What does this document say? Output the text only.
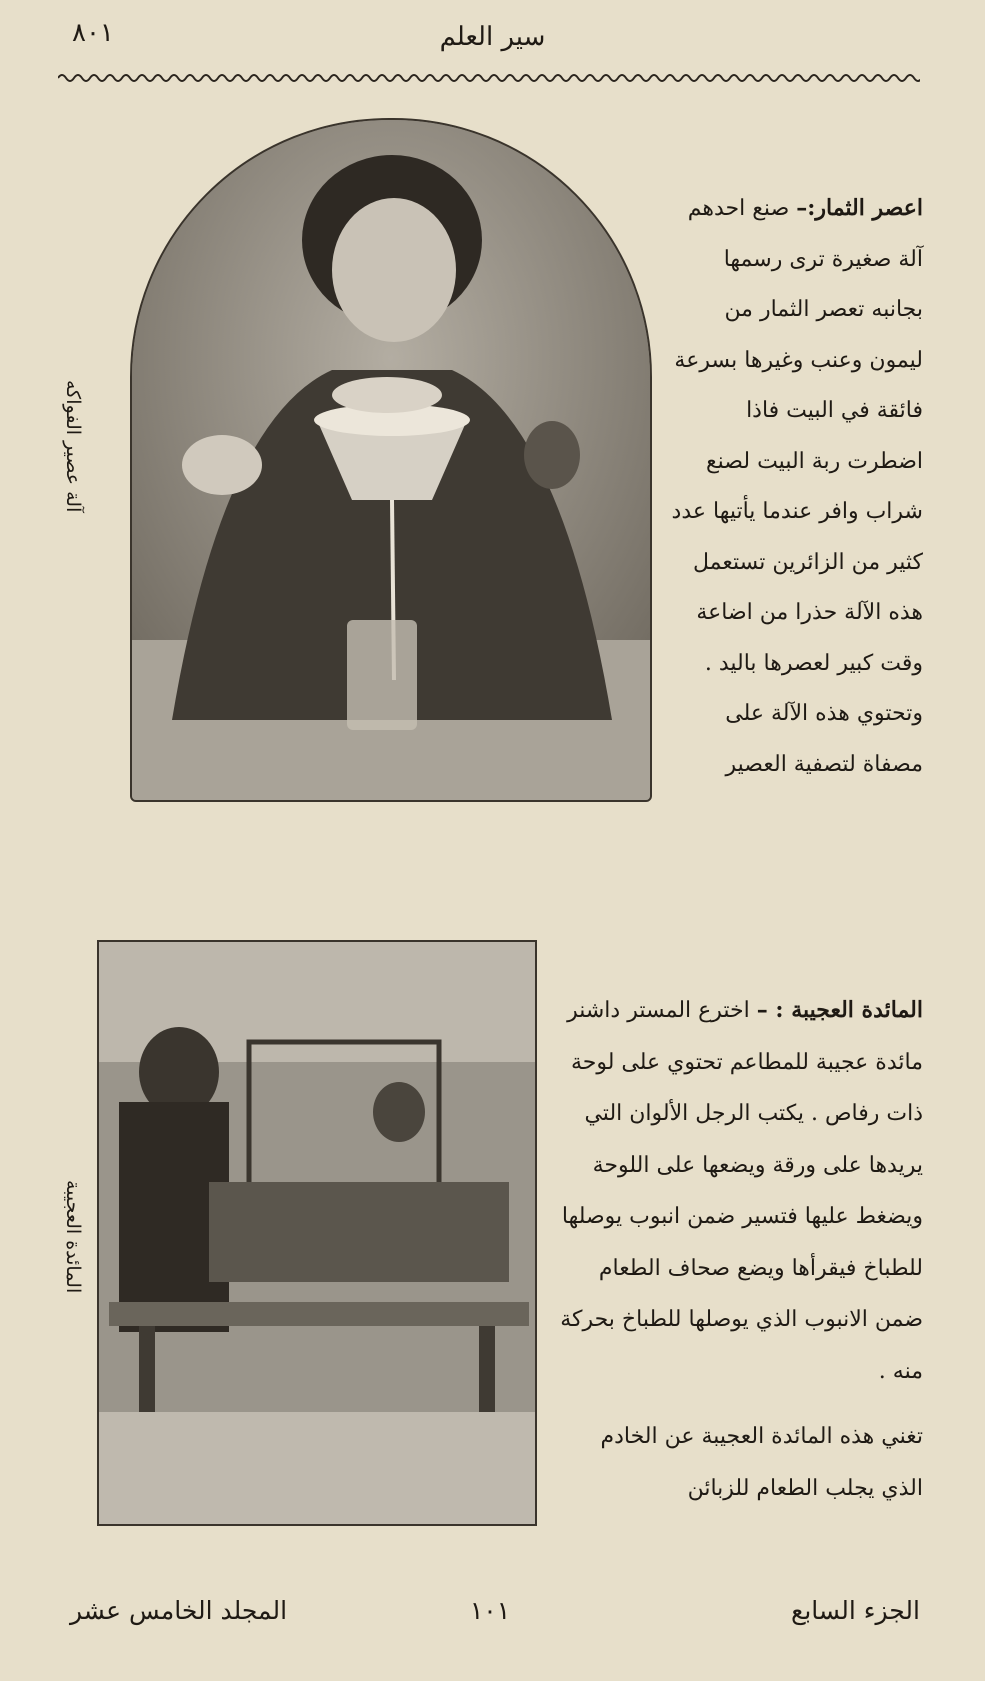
سير العلم
٨٠١
آلة عصير الفواكه

اعصر الثمار:– صنع احدهم آلة صغيرة ترى رسمها بجانبه تعصر الثمار من ليمون وعنب وغيرها بسرعة فائقة في البيت فاذا اضطرت ربة البيت لصنع شراب وافر عندما يأتيها عدد كثير من الزائرين تستعمل هذه الآلة حذرا من اضاعة وقت كبير لعصرها باليد . وتحتوي هذه الآلة على مصفاة لتصفية العصير

المائدة العجيبة

المائدة العجيبة : – اخترع المستر داشنر مائدة عجيبة للمطاعم تحتوي على لوحة ذات رفاص . يكتب الرجل الألوان التي يريدها على ورقة ويضعها على اللوحة ويضغط عليها فتسير ضمن انبوب يوصلها للطباخ فيقرأها ويضع صحاف الطعام ضمن الانبوب الذي يوصلها للطباخ بحركة منه .

تغني هذه المائدة العجيبة عن الخادم الذي يجلب الطعام للزبائن

الجزء السابع
١٠١
المجلد الخامس عشر
